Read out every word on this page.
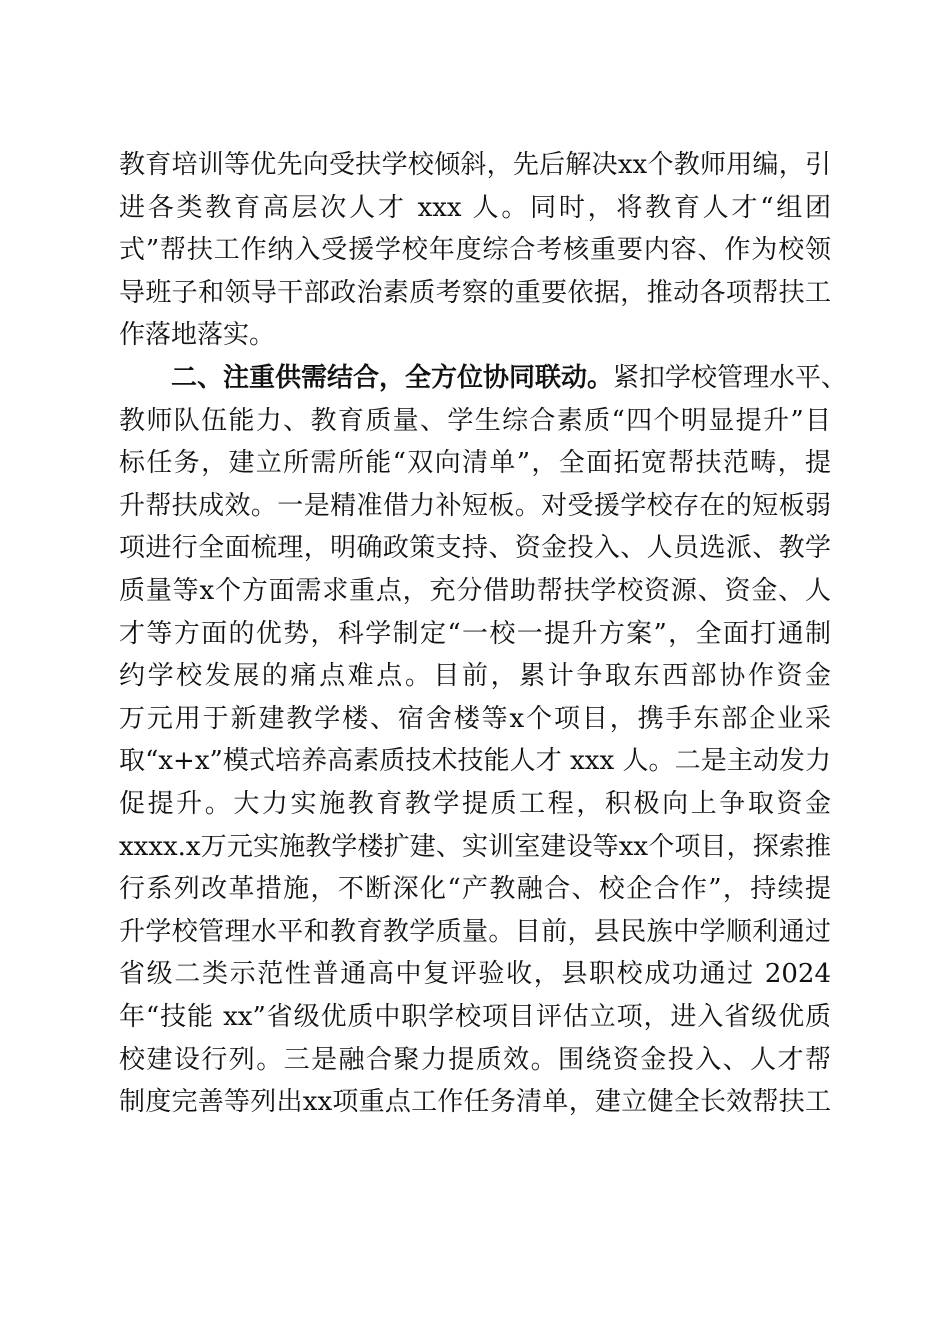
教育培训等优先向受扶学校倾斜，先后解决xx个教师用编，引
进各类教育高层次人才 xxx 人。同时，将教育人才“组团
式”帮扶工作纳入受援学校年度综合考核重要内容、作为校领
导班子和领导干部政治素质考察的重要依据，推动各项帮扶工
作落地落实。
二、注重供需结合，全方位协同联动。紧扣学校管理水平、
教师队伍能力、教育质量、学生综合素质“四个明显提升”目
标任务，建立所需所能“双向清单”，全面拓宽帮扶范畴，提
升帮扶成效。一是精准借力补短板。对受援学校存在的短板弱
项进行全面梳理，明确政策支持、资金投入、人员选派、教学
质量等x个方面需求重点，充分借助帮扶学校资源、资金、人
才等方面的优势，科学制定“一校一提升方案”，全面打通制
约学校发展的痛点难点。目前，累计争取东西部协作资金
万元用于新建教学楼、宿舍楼等x个项目，携手东部企业采
取“x+x”模式培养高素质技术技能人才 xxx 人。二是主动发力
促提升。大力实施教育教学提质工程，积极向上争取资金
xxxx.x万元实施教学楼扩建、实训室建设等xx个项目，探索推
行系列改革措施，不断深化“产教融合、校企合作”，持续提
升学校管理水平和教育教学质量。目前，县民族中学顺利通过
省级二类示范性普通高中复评验收，县职校成功通过 2024
年“技能 xx”省级优质中职学校项目评估立项，进入省级优质
校建设行列。三是融合聚力提质效。围绕资金投入、人才帮
制度完善等列出xx项重点工作任务清单，建立健全长效帮扶工
